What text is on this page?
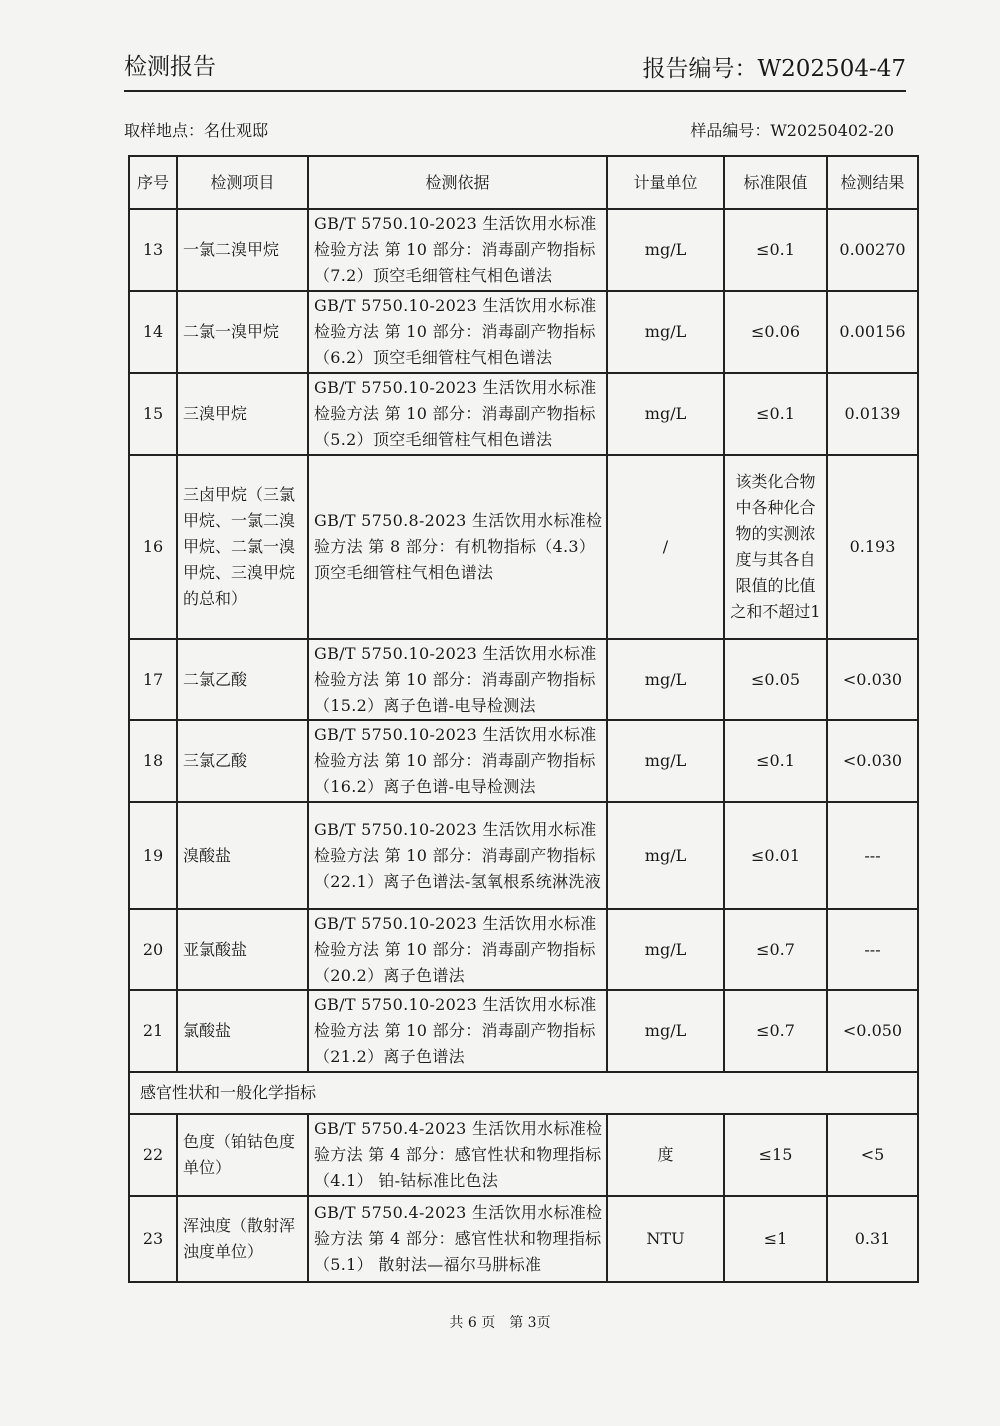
检测报告	报告编号：W202504-47
取样地点：名仕观邸	样品编号：W20250402-20
序号	检测项目	检测依据	计量单位	标准限值	检测结果
13	一氯二溴甲烷	GB/T 5750.10-2023 生活饮用水标准检验方法 第 10 部分：消毒副产物指标（7.2）顶空毛细管柱气相色谱法	mg/L	≤0.1	0.00270
14	二氯一溴甲烷	GB/T 5750.10-2023 生活饮用水标准检验方法 第 10 部分：消毒副产物指标（6.2）顶空毛细管柱气相色谱法	mg/L	≤0.06	0.00156
15	三溴甲烷	GB/T 5750.10-2023 生活饮用水标准检验方法 第 10 部分：消毒副产物指标（5.2）顶空毛细管柱气相色谱法	mg/L	≤0.1	0.0139
16	三卤甲烷（三氯甲烷、一氯二溴甲烷、二氯一溴甲烷、三溴甲烷的总和）	GB/T 5750.8-2023 生活饮用水标准检验方法 第 8 部分：有机物指标（4.3）顶空毛细管柱气相色谱法	/	该类化合物中各种化合物的实测浓度与其各自限值的比值之和不超过1	0.193
17	二氯乙酸	GB/T 5750.10-2023 生活饮用水标准检验方法 第 10 部分：消毒副产物指标（15.2）离子色谱-电导检测法	mg/L	≤0.05	<0.030
18	三氯乙酸	GB/T 5750.10-2023 生活饮用水标准检验方法 第 10 部分：消毒副产物指标（16.2）离子色谱-电导检测法	mg/L	≤0.1	<0.030
19	溴酸盐	GB/T 5750.10-2023 生活饮用水标准检验方法 第 10 部分：消毒副产物指标（22.1）离子色谱法-氢氧根系统淋洗液	mg/L	≤0.01	---
20	亚氯酸盐	GB/T 5750.10-2023 生活饮用水标准检验方法 第 10 部分：消毒副产物指标（20.2）离子色谱法	mg/L	≤0.7	---
21	氯酸盐	GB/T 5750.10-2023 生活饮用水标准检验方法 第 10 部分：消毒副产物指标（21.2）离子色谱法	mg/L	≤0.7	<0.050
感官性状和一般化学指标					
22	色度（铂钴色度单位）	GB/T 5750.4-2023 生活饮用水标准检验方法 第 4 部分：感官性状和物理指标（4.1） 铂-钴标准比色法	度	≤15	<5
23	浑浊度（散射浑浊度单位）	GB/T 5750.4-2023 生活饮用水标准检验方法 第 4 部分：感官性状和物理指标（5.1） 散射法—福尔马肼标准	NTU	≤1	0.31
共 6 页　第 3页
